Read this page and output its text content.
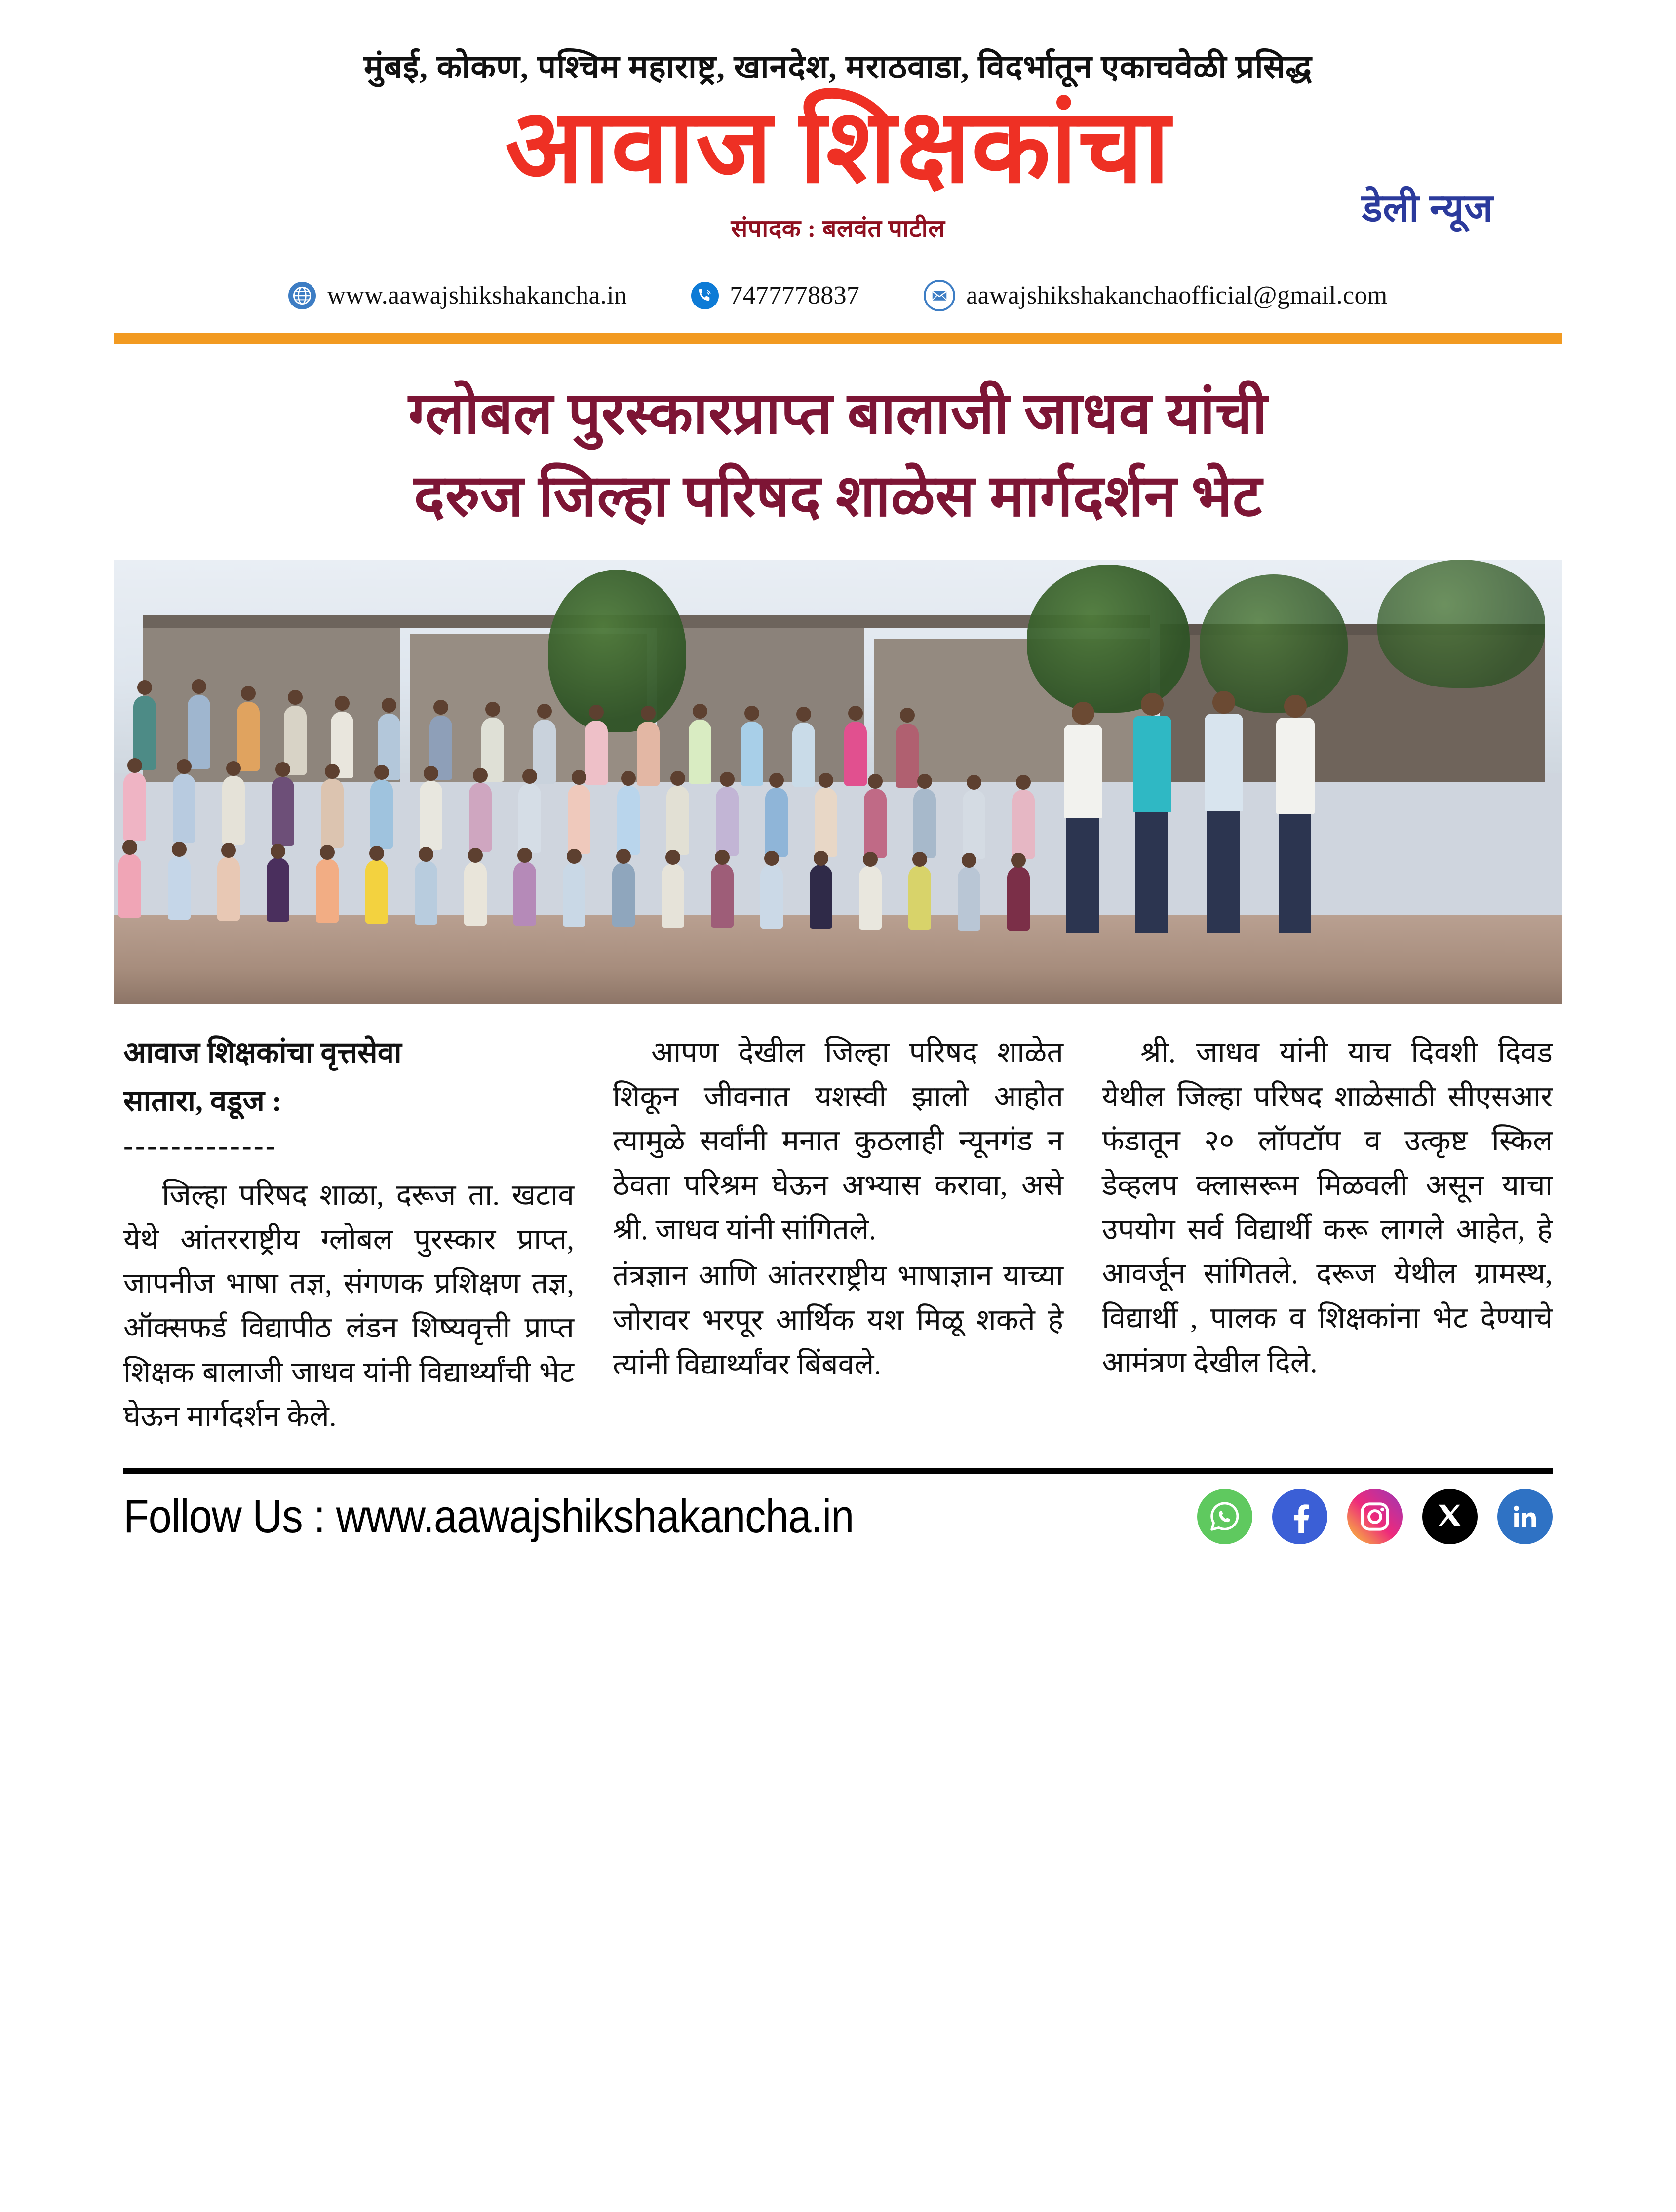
मुंबई, कोकण, पश्चिम महाराष्ट्र, खानदेश, मराठवाडा, विदर्भातून एकाचवेळी प्रसिद्ध
आवाज शिक्षकांचा
संपादक : बलवंत पाटील	डेली न्यूज
www.aawajshikshakancha.in	7477778837	aawajshikshakanchaofficial@gmail.com
ग्लोबल पुरस्कारप्राप्त बालाजी जाधव यांची
दरुज जिल्हा परिषद शाळेस मार्गदर्शन भेट
आवाज शिक्षकांचा वृत्तसेवा
सातारा, वडूज :
-------------

जिल्हा परिषद शाळा, दरूज ता. खटाव येथे आंतरराष्ट्रीय ग्लोबल पुरस्कार प्राप्त, जापनीज भाषा तज्ञ, संगणक प्रशिक्षण तज्ञ, ऑक्सफर्ड विद्यापीठ लंडन शिष्यवृत्ती प्राप्त शिक्षक बालाजी जाधव यांनी विद्यार्थ्यांची भेट घेऊन मार्गदर्शन केले.

आपण देखील जिल्हा परिषद शाळेत शिकून जीवनात यशस्वी झालो आहोत त्यामुळे सर्वांनी मनात कुठलाही न्यूनगंड न ठेवता परिश्रम घेऊन अभ्यास करावा, असे श्री. जाधव यांनी सांगितले.

तंत्रज्ञान आणि आंतरराष्ट्रीय भाषाज्ञान याच्या जोरावर भरपूर आर्थिक यश मिळू शकते हे त्यांनी विद्यार्थ्यांवर बिंबवले.

श्री. जाधव यांनी याच दिवशी दिवड येथील जिल्हा परिषद शाळेसाठी सीएसआर फंडातून २० लॉपटॉप व उत्कृष्ट स्किल डेव्हलप क्लासरूम मिळवली असून याचा उपयोग सर्व विद्यार्थी करू लागले आहेत, हे आवर्जून सांगितले. दरूज येथील ग्रामस्थ, विद्यार्थी , पालक व शिक्षकांना भेट देण्याचे आमंत्रण देखील दिले.

Follow Us : www.aawajshikshakancha.in
